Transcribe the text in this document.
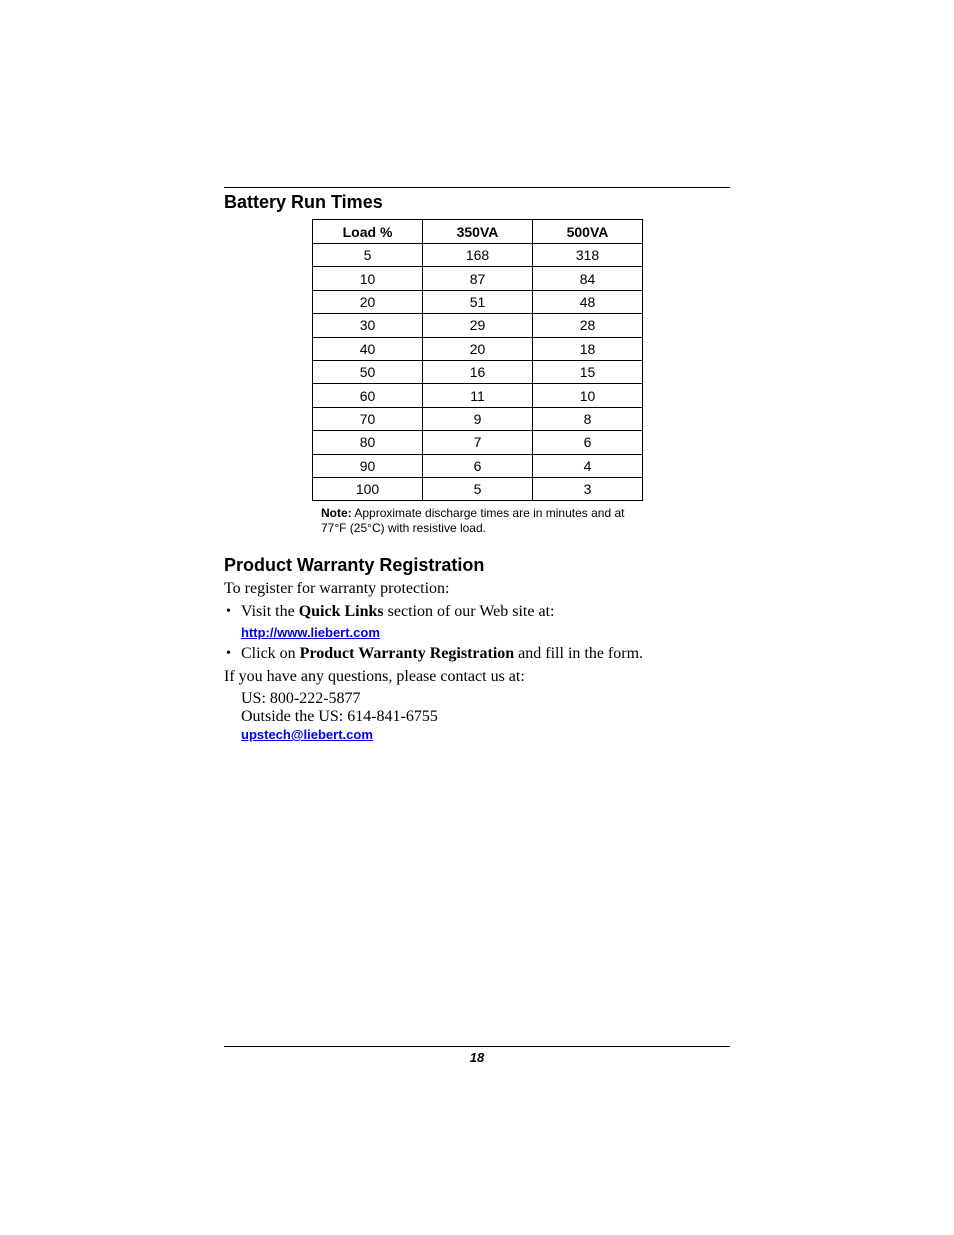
Battery Run Times
Load %	350VA	500VA
5	168	318
10	87	84
20	51	48
30	29	28
40	20	18
50	16	15
60	11	10
70	9	8
80	7	6
90	6	4
100	5	3
Note: Approximate discharge times are in minutes and at 77°F (25°C) with resistive load.
Product Warranty Registration
To register for warranty protection:
• Visit the Quick Links section of our Web site at:
http://www.liebert.com
• Click on Product Warranty Registration and fill in the form.
If you have any questions, please contact us at:
US: 800-222-5877
Outside the US: 614-841-6755
upstech@liebert.com
18
